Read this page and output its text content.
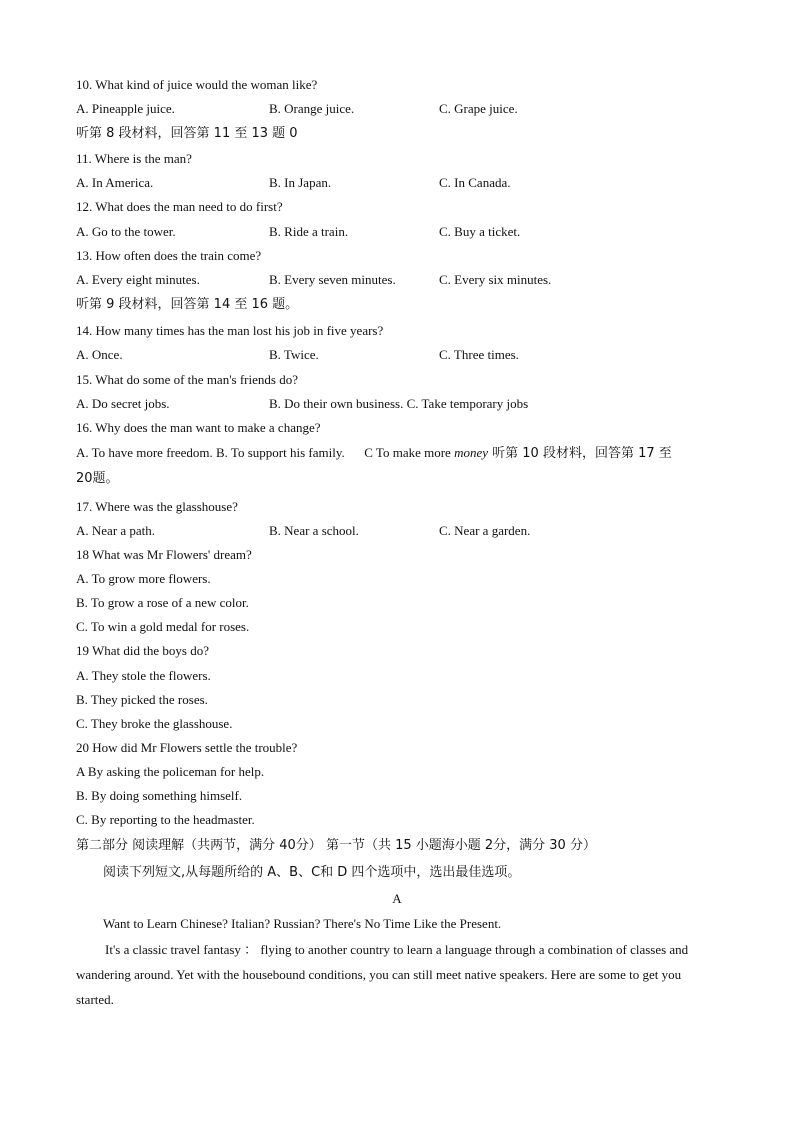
10. What kind of juice would the woman like?
A. Pineapple juice.	B. Orange juice.	C. Grape juice.
听第 8 段材料，回答第 11 至 13 题 0
11. Where is the man?
A. In America.	B. In Japan.	C. In Canada.
12. What does the man need to do first?
A. Go to the tower.	B. Ride a train.	C. Buy a ticket.
13. How often does the train come?
A. Every eight minutes.	B. Every seven minutes.	C. Every six minutes.
听第 9 段材料，回答第 14 至 16 题。
14. How many times has the man lost his job in five years?
A. Once.	B. Twice.	C. Three times.
15. What do some of the man's friends do?
A. Do secret jobs.	B. Do their own business. C. Take temporary jobs
16. Why does the man want to make a change?
A. To have more freedom. B. To support his family. C To make more money 听第 10 段材料，回答第 17 至
20题。
17. Where was the glasshouse?
A. Near a path.	B. Near a school.	C. Near a garden.
18 What was Mr Flowers' dream?
A. To grow more flowers.
B. To grow a rose of a new color.
C. To win a gold medal for roses.
19 What did the boys do?
A. They stole the flowers.
B. They picked the roses.
C. They broke the glasshouse.
20 How did Mr Flowers settle the trouble?
A By asking the policeman for help.
B. By doing something himself.
C. By reporting to the headmaster.
第二部分 阅读理解（共两节，满分 40分） 第一节（共 15 小题海小题 2分，满分 30 分）
阅读下列短文,从每题所给的 A、B、C和 D 四个选项中，选出最佳选项。
A
Want to Learn Chinese? Italian? Russian? There's No Time Like the Present.
It's a classic travel fantasy ： flying to another country to learn a language through a combination of classes and wandering around. Yet with the housebound conditions, you can still meet native speakers. Here are some to get you started.
